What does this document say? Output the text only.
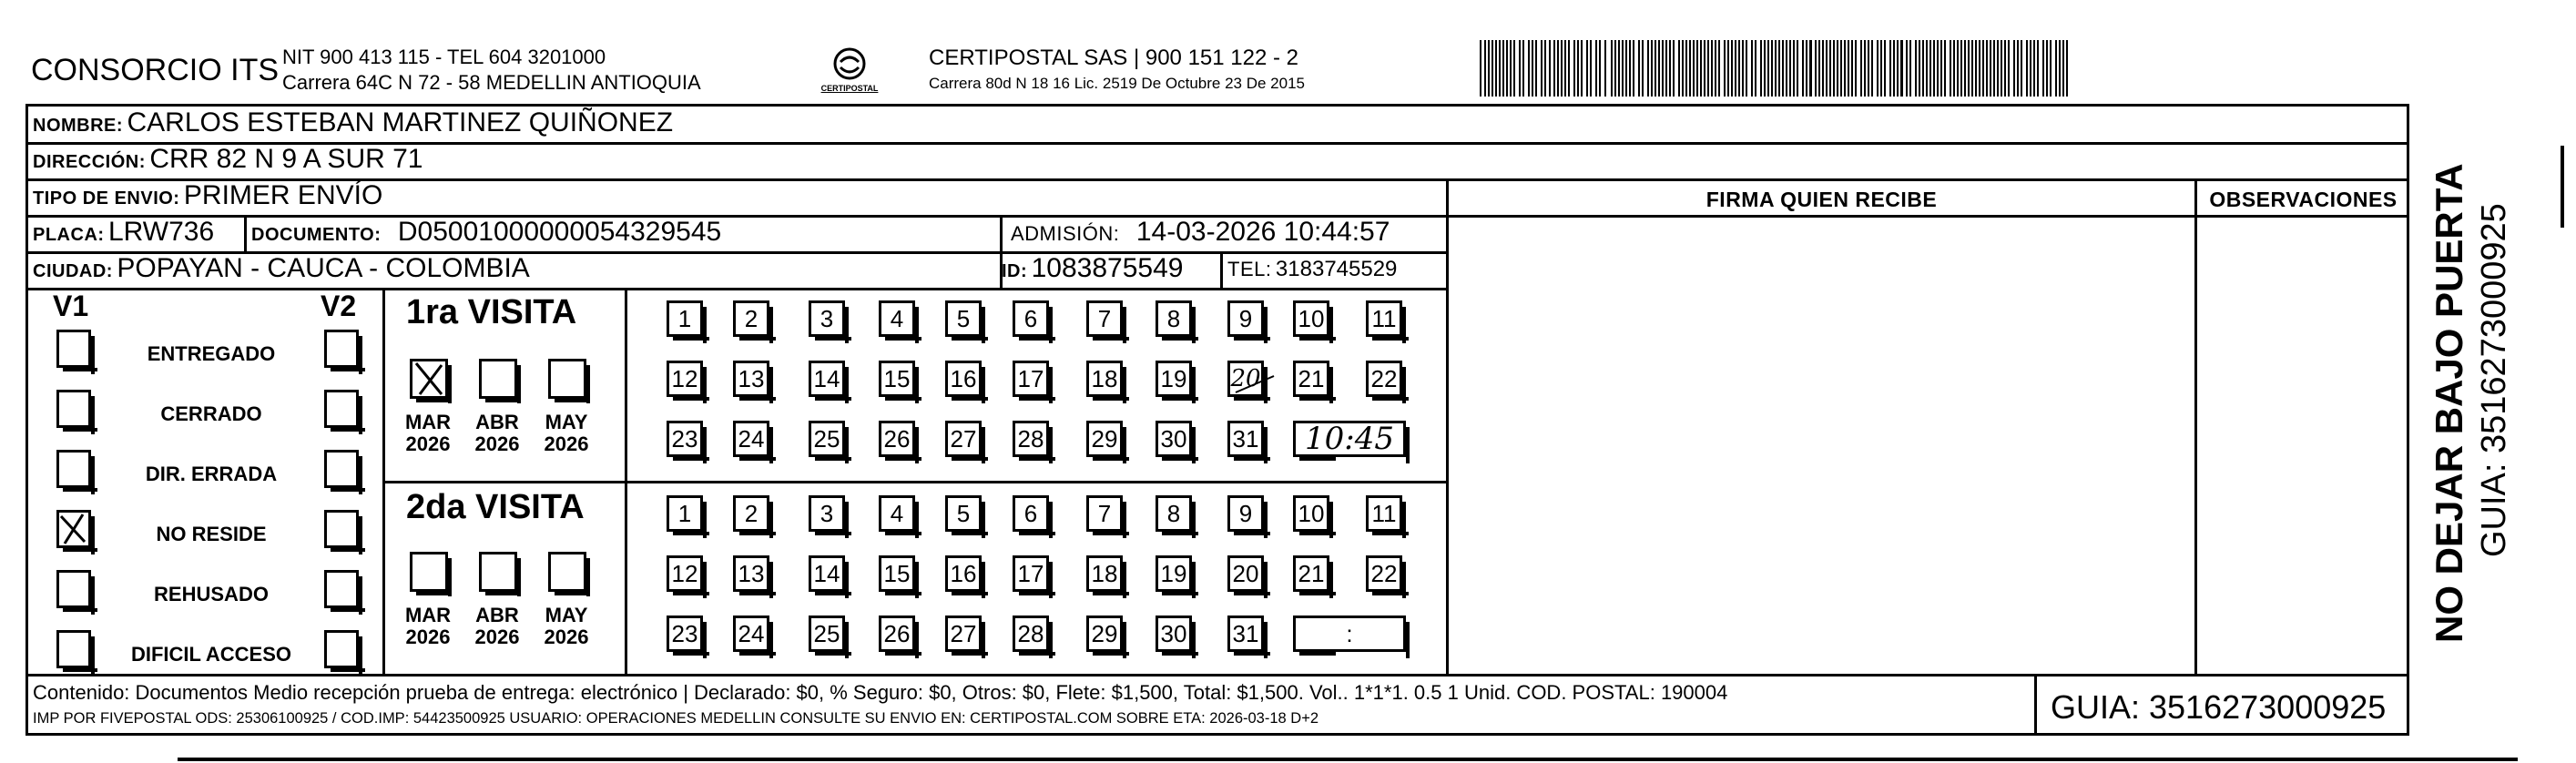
CONSORCIO ITS NIT 900 413 115 - TEL 604 3201000
Carrera 64C N 72 - 58 MEDELLIN ANTIOQUIA	CERTIPOSTAL
CERTIPOSTAL SAS | 900 151 122 - 2
Carrera 80d N 18 16 Lic. 2519 De Octubre 23 De 2015
NOMBRE: CARLOS ESTEBAN MARTINEZ QUIÑONEZ
DIRECCIÓN: CRR 82 N 9 A SUR 71
TIPO DE ENVIO: PRIMER ENVÍO	FIRMA QUIEN RECIBE	OBSERVACIONES
PLACA: LRW736 DOCUMENTO: D05001000000054329545	ADMISIÓN: 14-03-2026 10:44:57
CIUDAD: POPAYAN - CAUCA - COLOMBIA	ID: 1083875549 TEL: 3183745529
V1	V2
ENTREGADO
CERRADO
DIR. ERRADA
NO RESIDE
REHUSADO
DIFICIL ACCESO
1ra VISITA
2da VISITA
MAR
2026
ABR
2026
MAY
2026
MAR
2026
ABR
2026
MAY
2026
1	2	3	4	5	6	7	8	9	10 11
12 13 14 15 16 17 18 19 20 21 22
23 24 25 26 27 28 29 30 31	10:45
1	2	3	4	5	6	7	8	9	10 11
12 13 14 15 16 17 18 19 20 21 22
23 24 25 26 27 28 29 30 31	:
Contenido: Documentos Medio recepción prueba de entrega: electrónico | Declarado: $0, % Seguro: $0, Otros: $0, Flete: $1,500, Total: $1,500. Vol.. 1*1*1. 0.5 1 Unid. COD. POSTAL: 190004
IMP POR FIVEPOSTAL ODS: 25306100925 / COD.IMP: 54423500925 USUARIO: OPERACIONES MEDELLIN CONSULTE SU ENVIO EN: CERTIPOSTAL.COM SOBRE ETA: 2026-03-18 D+2	GUIA: 3516273000925
NO DEJAR BAJO PUERTA GUIA: 3516273000925
